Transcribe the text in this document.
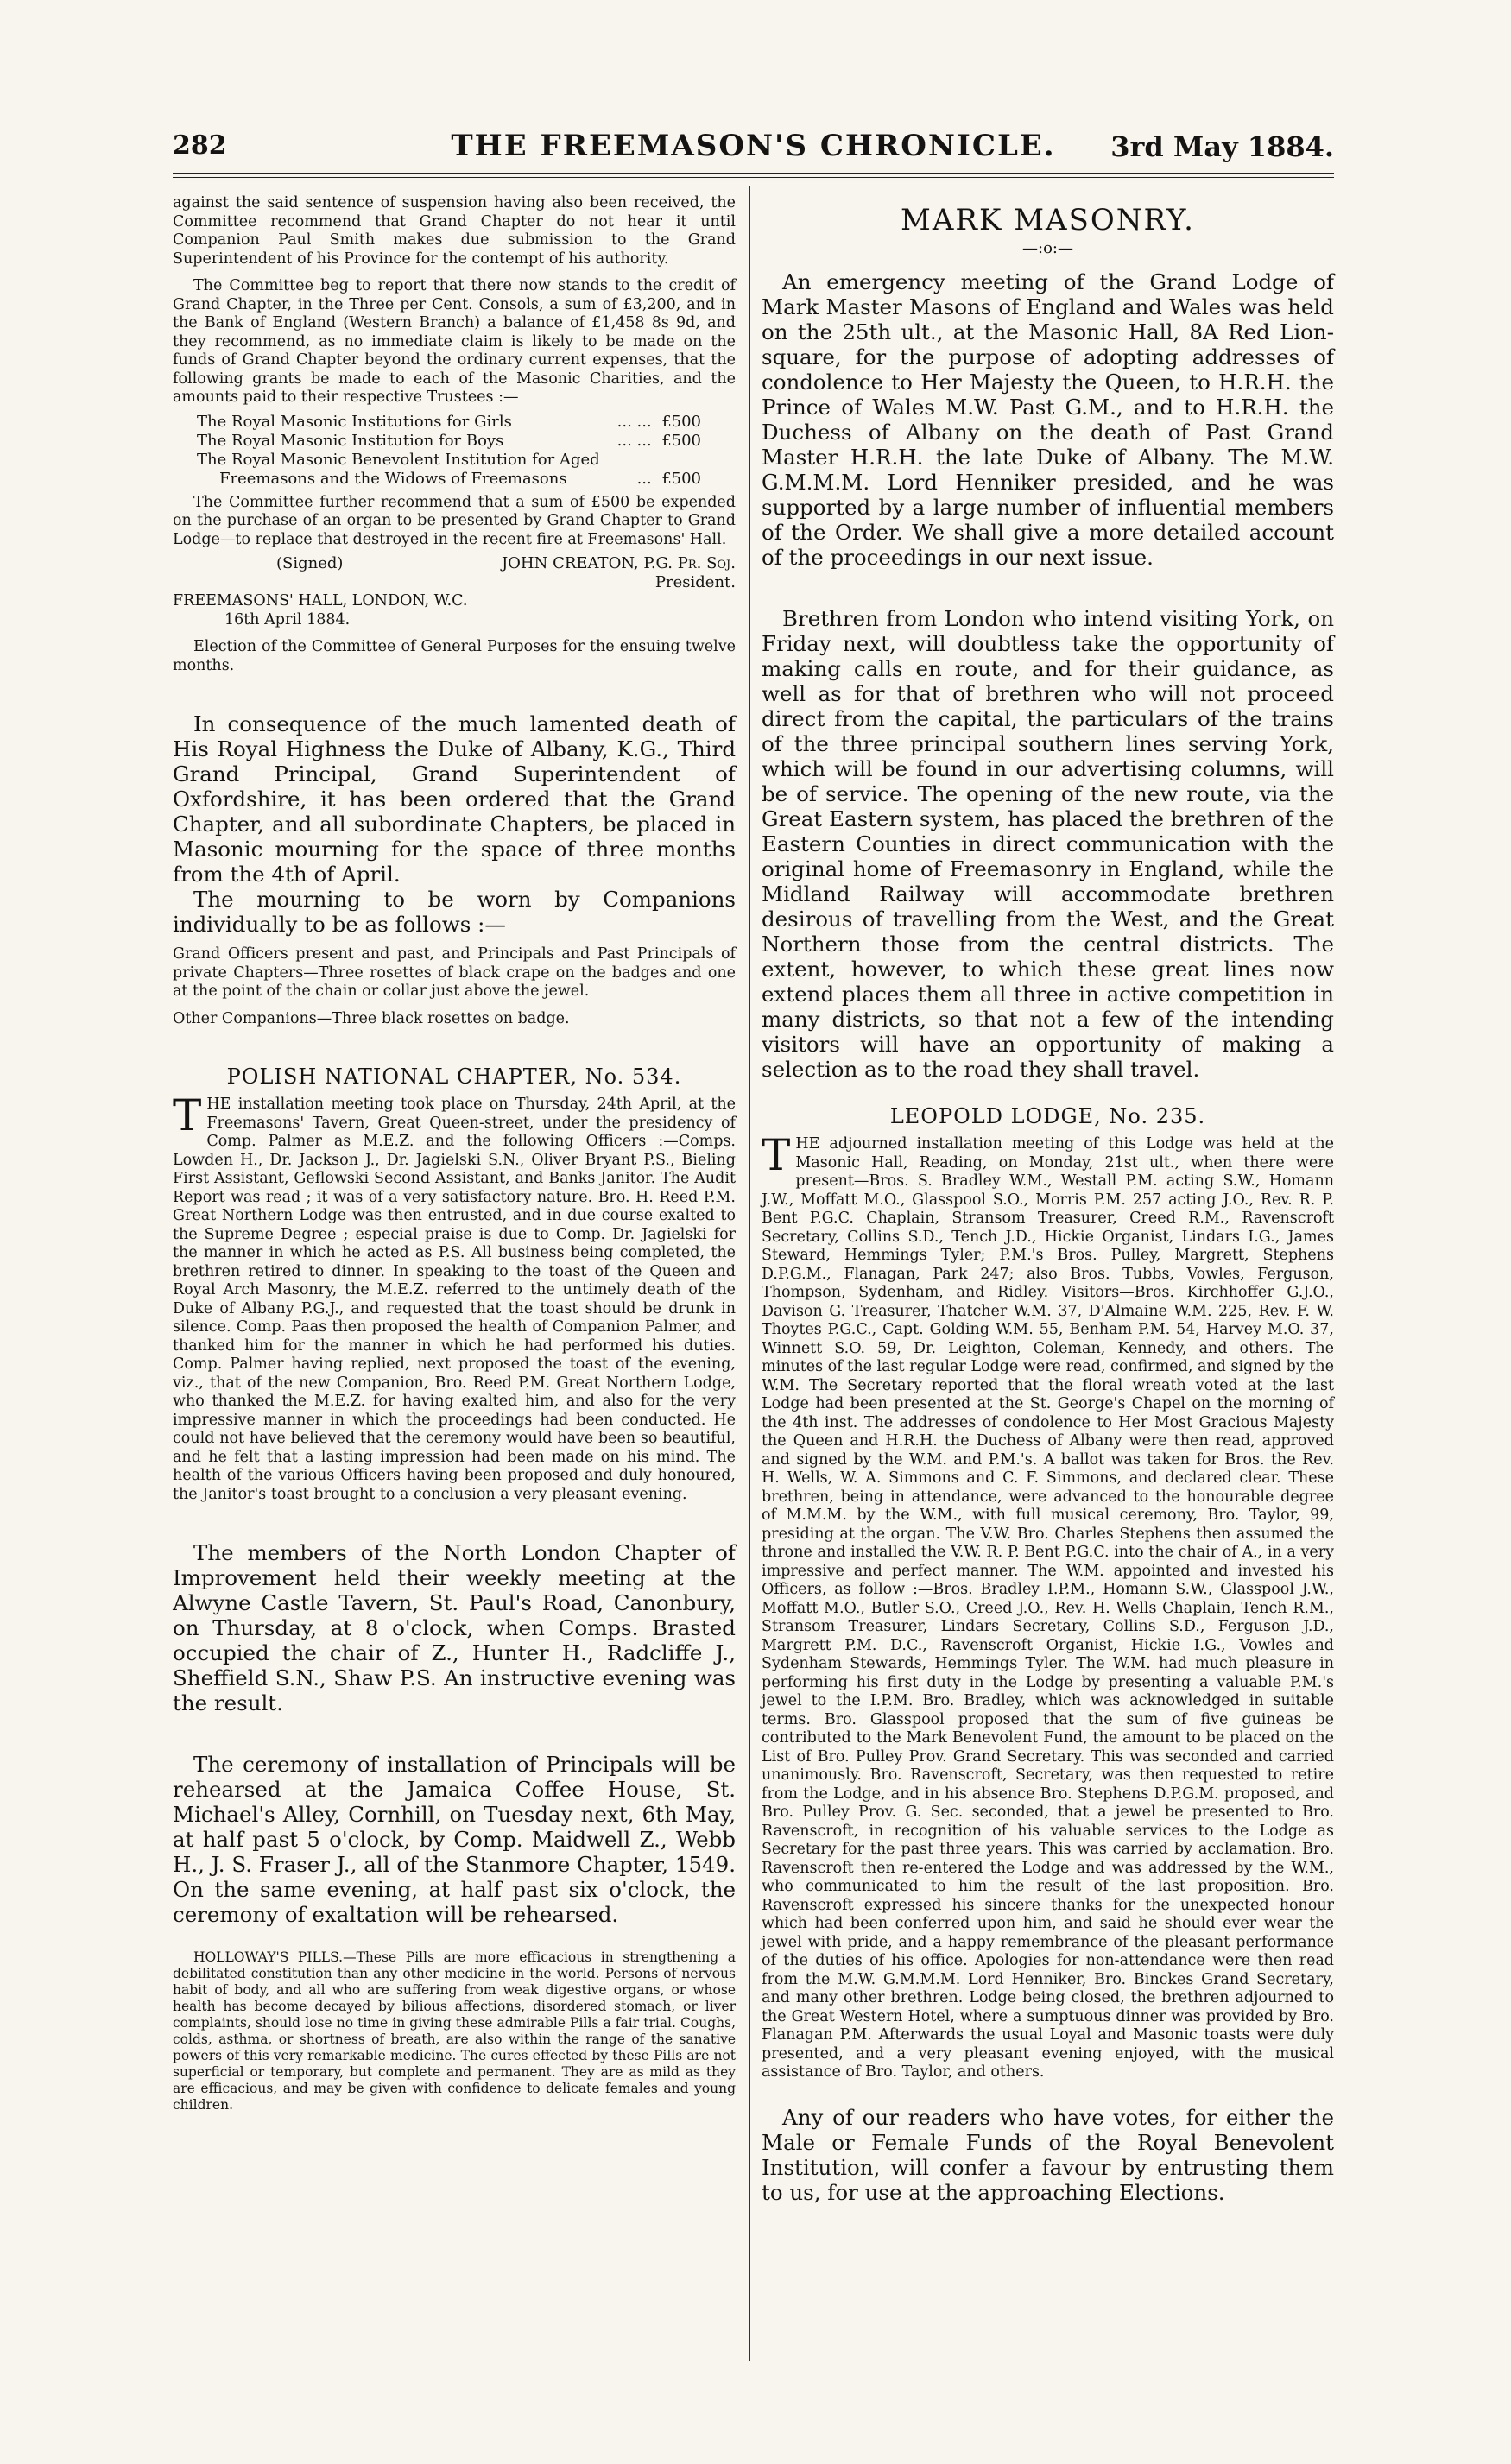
282	THE FREEMASON'S CHRONICLE.	3rd May 1884.

against the said sentence of suspension having also been received, the Committee recommend that Grand Chapter do not hear it until Companion Paul Smith makes due submission to the Grand Superintendent of his Province for the contempt of his authority.

The Committee beg to report that there now stands to the credit of Grand Chapter, in the Three per Cent. Consols, a sum of £3,200, and in the Bank of England (Western Branch) a balance of £1,458 8s 9d, and they recommend, as no immediate claim is likely to be made on the funds of Grand Chapter beyond the ordinary current expenses, that the following grants be made to each of the Masonic Charities, and the amounts paid to their respective Trustees :—

The Royal Masonic Institutions for Girls	... ... £500
The Royal Masonic Institution for Boys	... ... £500
The Royal Masonic Benevolent Institution for Aged
Freemasons and the Widows of Freemasons	... £500

The Committee further recommend that a sum of £500 be expended on the purchase of an organ to be presented by Grand Chapter to Grand Lodge—to replace that destroyed in the recent fire at Freemasons' Hall.

(Signed)	JOHN CREATON, P.G. Pr. Soj.
President.
FREEMASONS' HALL, LONDON, W.C.
16th April 1884.

Election of the Committee of General Purposes for the ensuing twelve months.

In consequence of the much lamented death of His Royal Highness the Duke of Albany, K.G., Third Grand Principal, Grand Superintendent of Oxfordshire, it has been ordered that the Grand Chapter, and all subordinate Chapters, be placed in Masonic mourning for the space of three months from the 4th of April.

The mourning to be worn by Companions individually to be as follows :—

Grand Officers present and past, and Principals and Past Principals of private Chapters—Three rosettes of black crape on the badges and one at the point of the chain or collar just above the jewel.

Other Companions—Three black rosettes on badge.

POLISH NATIONAL CHAPTER, No. 534.

THE installation meeting took place on Thursday, 24th April, at the Freemasons' Tavern, Great Queen-street, under the presidency of Comp. Palmer as M.E.Z. and the following Officers :—Comps. Lowden H., Dr. Jackson J., Dr. Jagielski S.N., Oliver Bryant P.S., Bieling First Assistant, Geflowski Second Assistant, and Banks Janitor. The Audit Report was read ; it was of a very satisfactory nature. Bro. H. Reed P.M. Great Northern Lodge was then entrusted, and in due course exalted to the Supreme Degree ; especial praise is due to Comp. Dr. Jagielski for the manner in which he acted as P.S. All business being completed, the brethren retired to dinner. In speaking to the toast of the Queen and Royal Arch Masonry, the M.E.Z. referred to the untimely death of the Duke of Albany P.G.J., and requested that the toast should be drunk in silence. Comp. Paas then proposed the health of Companion Palmer, and thanked him for the manner in which he had performed his duties. Comp. Palmer having replied, next proposed the toast of the evening, viz., that of the new Companion, Bro. Reed P.M. Great Northern Lodge, who thanked the M.E.Z. for having exalted him, and also for the very impressive manner in which the proceedings had been conducted. He could not have believed that the ceremony would have been so beautiful, and he felt that a lasting impression had been made on his mind. The health of the various Officers having been proposed and duly honoured, the Janitor's toast brought to a conclusion a very pleasant evening.

The members of the North London Chapter of Improvement held their weekly meeting at the Alwyne Castle Tavern, St. Paul's Road, Canonbury, on Thursday, at 8 o'clock, when Comps. Brasted occupied the chair of Z., Hunter H., Radcliffe J., Sheffield S.N., Shaw P.S. An instructive evening was the result.

The ceremony of installation of Principals will be rehearsed at the Jamaica Coffee House, St. Michael's Alley, Cornhill, on Tuesday next, 6th May, at half past 5 o'clock, by Comp. Maidwell Z., Webb H., J. S. Fraser J., all of the Stanmore Chapter, 1549. On the same evening, at half past six o'clock, the ceremony of exaltation will be rehearsed.

HOLLOWAY'S PILLS.—These Pills are more efficacious in strengthening a debilitated constitution than any other medicine in the world. Persons of nervous habit of body, and all who are suffering from weak digestive organs, or whose health has become decayed by bilious affections, disordered stomach, or liver complaints, should lose no time in giving these admirable Pills a fair trial. Coughs, colds, asthma, or shortness of breath, are also within the range of the sanative powers of this very remarkable medicine. The cures effected by these Pills are not superficial or temporary, but complete and permanent. They are as mild as they are efficacious, and may be given with confidence to delicate females and young children.

MARK MASONRY.
—:o:—

An emergency meeting of the Grand Lodge of Mark Master Masons of England and Wales was held on the 25th ult., at the Masonic Hall, 8A Red Lion-square, for the purpose of adopting addresses of condolence to Her Majesty the Queen, to H.R.H. the Prince of Wales M.W. Past G.M., and to H.R.H. the Duchess of Albany on the death of Past Grand Master H.R.H. the late Duke of Albany. The M.W. G.M.M.M. Lord Henniker presided, and he was supported by a large number of influential members of the Order. We shall give a more detailed account of the proceedings in our next issue.

Brethren from London who intend visiting York, on Friday next, will doubtless take the opportunity of making calls en route, and for their guidance, as well as for that of brethren who will not proceed direct from the capital, the particulars of the trains of the three principal southern lines serving York, which will be found in our advertising columns, will be of service. The opening of the new route, via the Great Eastern system, has placed the brethren of the Eastern Counties in direct communication with the original home of Freemasonry in England, while the Midland Railway will accommodate brethren desirous of travelling from the West, and the Great Northern those from the central districts. The extent, however, to which these great lines now extend places them all three in active competition in many districts, so that not a few of the intending visitors will have an opportunity of making a selection as to the road they shall travel.

LEOPOLD LODGE, No. 235.

THE adjourned installation meeting of this Lodge was held at the Masonic Hall, Reading, on Monday, 21st ult., when there were present—Bros. S. Bradley W.M., Westall P.M. acting S.W., Homann J.W., Moffatt M.O., Glasspool S.O., Morris P.M. 257 acting J.O., Rev. R. P. Bent P.G.C. Chaplain, Stransom Treasurer, Creed R.M., Ravenscroft Secretary, Collins S.D., Tench J.D., Hickie Organist, Lindars I.G., James Steward, Hemmings Tyler; P.M.'s Bros. Pulley, Margrett, Stephens D.P.G.M., Flanagan, Park 247; also Bros. Tubbs, Vowles, Ferguson, Thompson, Sydenham, and Ridley. Visitors—Bros. Kirchhoffer G.J.O., Davison G. Treasurer, Thatcher W.M. 37, D'Almaine W.M. 225, Rev. F. W. Thoytes P.G.C., Capt. Golding W.M. 55, Benham P.M. 54, Harvey M.O. 37, Winnett S.O. 59, Dr. Leighton, Coleman, Kennedy, and others. The minutes of the last regular Lodge were read, confirmed, and signed by the W.M. The Secretary reported that the floral wreath voted at the last Lodge had been presented at the St. George's Chapel on the morning of the 4th inst. The addresses of condolence to Her Most Gracious Majesty the Queen and H.R.H. the Duchess of Albany were then read, approved and signed by the W.M. and P.M.'s. A ballot was taken for Bros. the Rev. H. Wells, W. A. Simmons and C. F. Simmons, and declared clear. These brethren, being in attendance, were advanced to the honourable degree of M.M.M. by the W.M., with full musical ceremony, Bro. Taylor, 99, presiding at the organ. The V.W. Bro. Charles Stephens then assumed the throne and installed the V.W. R. P. Bent P.G.C. into the chair of A., in a very impressive and perfect manner. The W.M. appointed and invested his Officers, as follow :—Bros. Bradley I.P.M., Homann S.W., Glasspool J.W., Moffatt M.O., Butler S.O., Creed J.O., Rev. H. Wells Chaplain, Tench R.M., Stransom Treasurer, Lindars Secretary, Collins S.D., Ferguson J.D., Margrett P.M. D.C., Ravenscroft Organist, Hickie I.G., Vowles and Sydenham Stewards, Hemmings Tyler. The W.M. had much pleasure in performing his first duty in the Lodge by presenting a valuable P.M.'s jewel to the I.P.M. Bro. Bradley, which was acknowledged in suitable terms. Bro. Glasspool proposed that the sum of five guineas be contributed to the Mark Benevolent Fund, the amount to be placed on the List of Bro. Pulley Prov. Grand Secretary. This was seconded and carried unanimously. Bro. Ravenscroft, Secretary, was then requested to retire from the Lodge, and in his absence Bro. Stephens D.P.G.M. proposed, and Bro. Pulley Prov. G. Sec. seconded, that a jewel be presented to Bro. Ravenscroft, in recognition of his valuable services to the Lodge as Secretary for the past three years. This was carried by acclamation. Bro. Ravenscroft then re-entered the Lodge and was addressed by the W.M., who communicated to him the result of the last proposition. Bro. Ravenscroft expressed his sincere thanks for the unexpected honour which had been conferred upon him, and said he should ever wear the jewel with pride, and a happy remembrance of the pleasant performance of the duties of his office. Apologies for non-attendance were then read from the M.W. G.M.M.M. Lord Henniker, Bro. Binckes Grand Secretary, and many other brethren. Lodge being closed, the brethren adjourned to the Great Western Hotel, where a sumptuous dinner was provided by Bro. Flanagan P.M. Afterwards the usual Loyal and Masonic toasts were duly presented, and a very pleasant evening enjoyed, with the musical assistance of Bro. Taylor, and others.

Any of our readers who have votes, for either the Male or Female Funds of the Royal Benevolent Institution, will confer a favour by entrusting them to us, for use at the approaching Elections.
